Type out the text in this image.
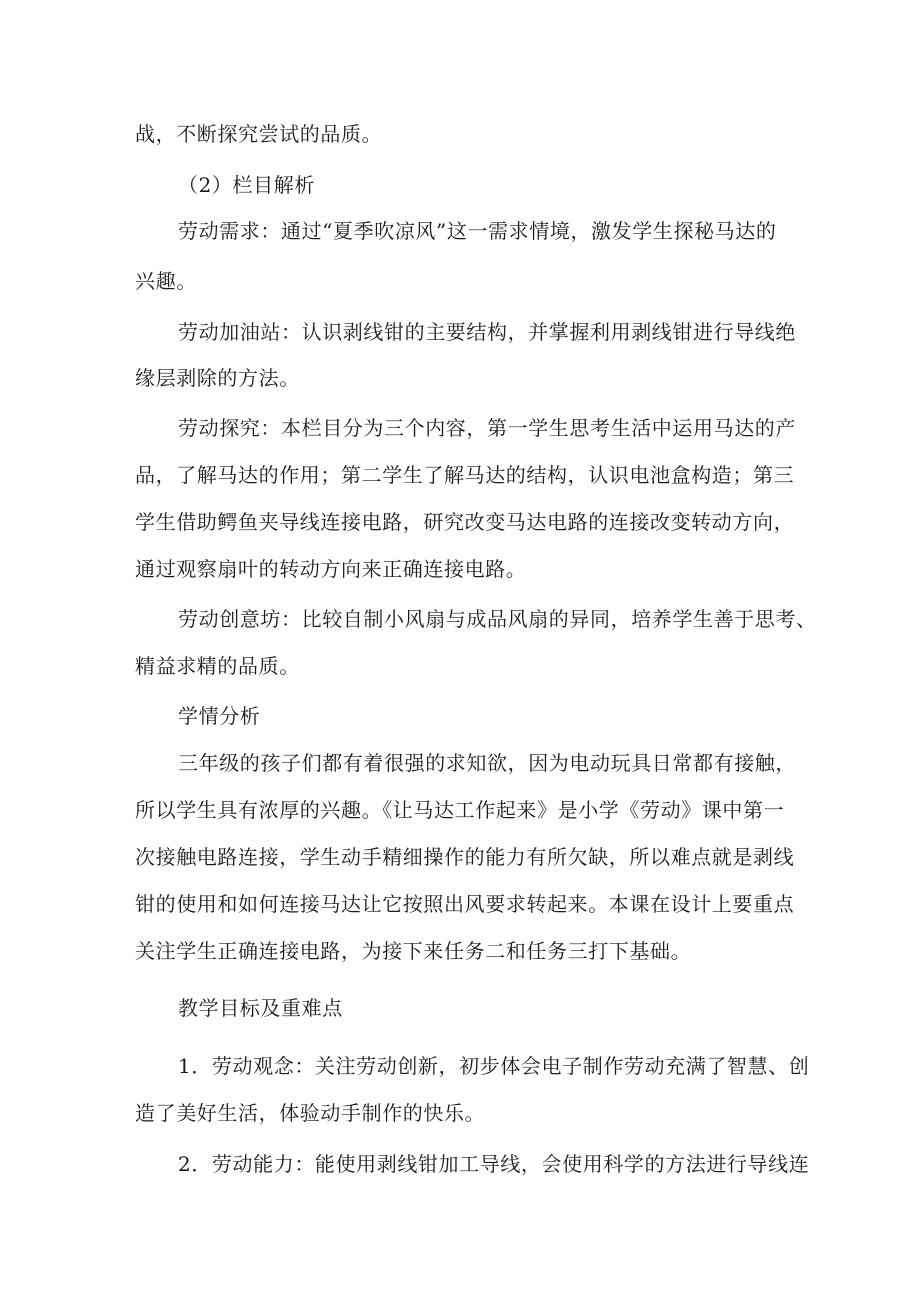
战，不断探究尝试的品质。
（2）栏目解析
劳动需求：通过“夏季吹凉风”这一需求情境，激发学生探秘马达的
兴趣。
劳动加油站：认识剥线钳的主要结构，并掌握利用剥线钳进行导线绝
缘层剥除的方法。
劳动探究：本栏目分为三个内容，第一学生思考生活中运用马达的产
品，了解马达的作用；第二学生了解马达的结构，认识电池盒构造；第三
学生借助鳄鱼夹导线连接电路，研究改变马达电路的连接改变转动方向，
通过观察扇叶的转动方向来正确连接电路。
劳动创意坊：比较自制小风扇与成品风扇的异同，培养学生善于思考、
精益求精的品质。
学情分析
三年级的孩子们都有着很强的求知欲，因为电动玩具日常都有接触，
所以学生具有浓厚的兴趣。《让马达工作起来》是小学《劳动》课中第一
次接触电路连接，学生动手精细操作的能力有所欠缺，所以难点就是剥线
钳的使用和如何连接马达让它按照出风要求转起来。本课在设计上要重点
关注学生正确连接电路，为接下来任务二和任务三打下基础。
教学目标及重难点
1．劳动观念：关注劳动创新，初步体会电子制作劳动充满了智慧、创
造了美好生活，体验动手制作的快乐。
2．劳动能力：能使用剥线钳加工导线，会使用科学的方法进行导线连
